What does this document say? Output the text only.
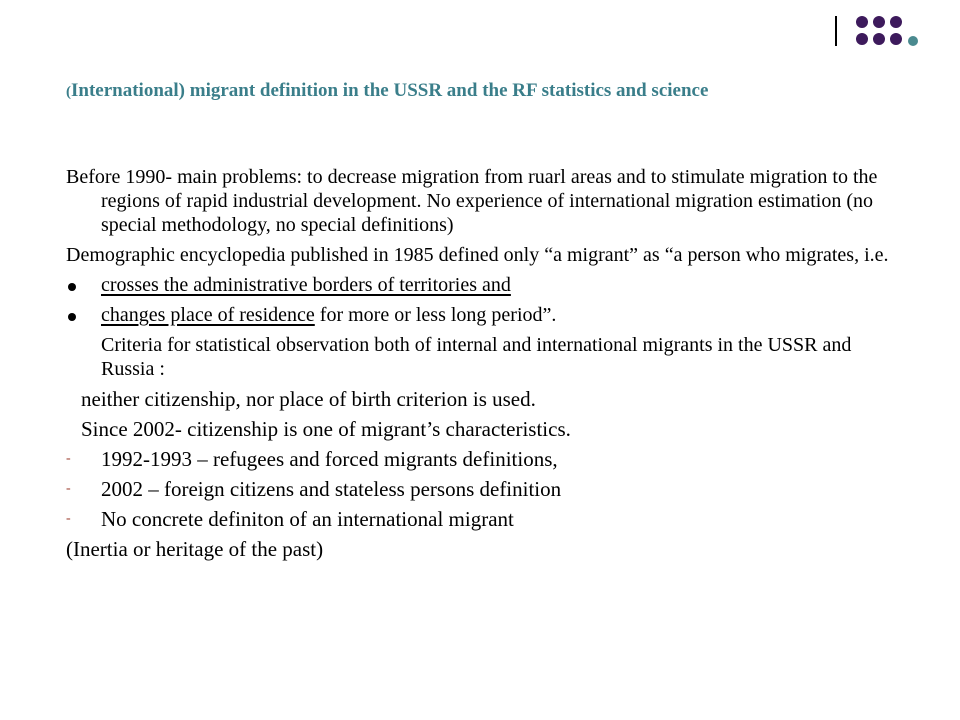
(International) migrant definition in the USSR and the RF statistics and science

Before 1990- main problems: to decrease migration from ruarl areas and to stimulate migration to the regions of rapid industrial development. No experience of international migration estimation (no special methodology, no special definitions)

Demographic encyclopedia published in 1985 defined only “a migrant” as “a person who migrates, i.e.

crosses the administrative borders of territories and
changes place of residence for more or less long period”.

Criteria for statistical observation both of internal and international migrants in the USSR and Russia :

neither citizenship, nor place of birth criterion is used.

Since 2002- citizenship is one of migrant’s characteristics.

-	1992-1993 – refugees and forced migrants definitions,
-	2002 – foreign citizens and stateless persons definition
-	No concrete definiton of an international migrant

(Inertia or heritage of the past)
